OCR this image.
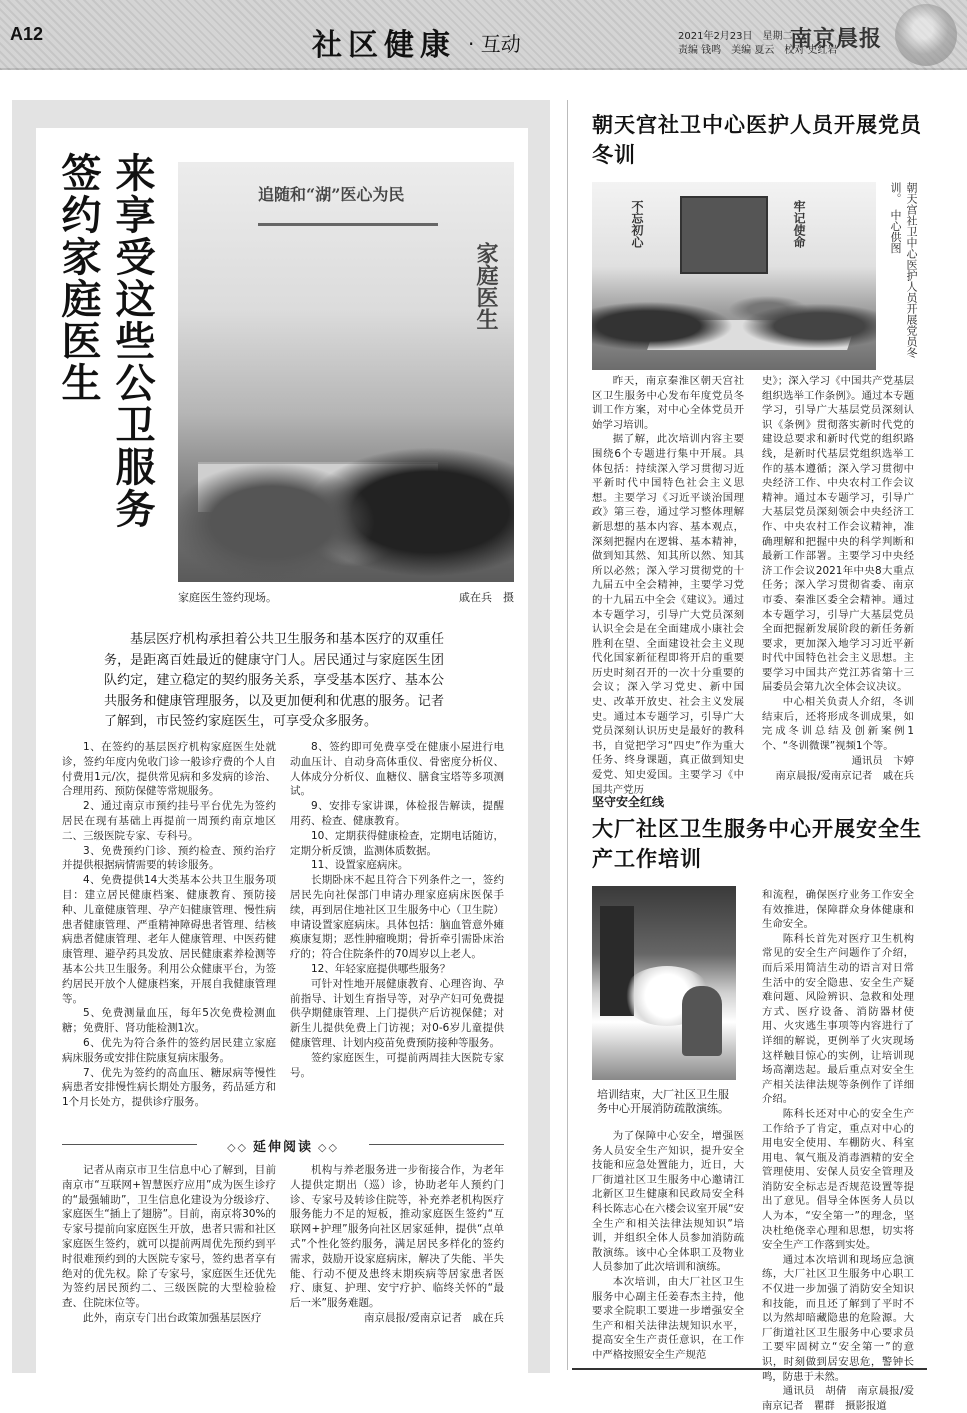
A12	社区健康 · 互动	2021年2月23日　星期二
责编 钱鸣　美编 夏云　校对 史红岩
南京晨报
来享受这些公卫服务
签约家庭医生	追随和“湖”医心为民
家庭医生
家庭医生签约现场。	戚在兵　摄
基层医疗机构承担着公共卫生服务和基本医疗的双重任务，是距离百姓最近的健康守门人。居民通过与家庭医生团队约定，建立稳定的契约服务关系，享受基本医疗、基本公共服务和健康管理服务，以及更加便利和优惠的服务。记者了解到，市民签约家庭医生，可享受众多服务。

1、在签约的基层医疗机构家庭医生处就诊，签约年度内免收门诊一般诊疗费的个人自付费用1元/次，提供常见病和多发病的诊治、合理用药、预防保健等常规服务。

2、通过南京市预约挂号平台优先为签约居民在现有基础上再提前一周预约南京地区二、三级医院专家、专科号。

3、免费预约门诊、预约检查、预约治疗并提供根据病情需要的转诊服务。

4、免费提供14大类基本公共卫生服务项目：建立居民健康档案、健康教育、预防接种、儿童健康管理、孕产妇健康管理、慢性病患者健康管理、严重精神障碍患者管理、结核病患者健康管理、老年人健康管理、中医药健康管理、避孕药具发放、居民健康素养检测等基本公共卫生服务。利用公众健康平台，为签约居民开放个人健康档案，开展自我健康管理等。

5、免费测量血压，每年5次免费检测血糖；免费肝、肾功能检测1次。

6、优先为符合条件的签约居民建立家庭病床服务或安排住院康复病床服务。

7、优先为签约的高血压、糖尿病等慢性病患者安排慢性病长期处方服务，药品延方和1个月长处方，提供诊疗服务。

8、签约即可免费享受在健康小屋进行电动血压计、自动身高体重仪、骨密度分析仪、人体成分分析仪、血糖仪、膳食宝塔等多项测试。

9、安排专家讲课，体检报告解读，提醒用药、检查、健康教育。

10、定期获得健康检查，定期电话随访，定期分析反馈，监测体质数据。

11、设置家庭病床。

长期卧床不起且符合下列条件之一，签约居民先向社保部门申请办理家庭病床医保手续，再到居住地社区卫生服务中心（卫生院）申请设置家庭病床。具体包括：脑血管意外瘫痪康复期；恶性肿瘤晚期；骨折牵引需卧床治疗的；符合住院条件的70周岁以上老人。

12、年轻家庭提供哪些服务？

可针对性地开展健康教育、心理咨询、孕前指导、计划生育指导等，对孕产妇可免费提供孕期健康管理、上门提供产后访视保健；对新生儿提供免费上门访视；对0-6岁儿童提供健康管理、计划内疫苗免费预防接种等服务。

签约家庭医生，可提前两周挂大医院专家号。

◇◇ 延伸阅读 ◇◇

记者从南京市卫生信息中心了解到，目前南京市“互联网+智慧医疗应用”成为医生诊疗的“最强辅助”，卫生信息化建设为分级诊疗、家庭医生“插上了翅膀”。目前，南京将30%的专家号提前向家庭医生开放，患者只需和社区家庭医生签约，就可以提前两周优先预约到平时很难预约到的大医院专家号，签约患者享有绝对的优先权。除了专家号，家庭医生还优先为签约居民预约二、三级医院的大型检验检查、住院床位等。

此外，南京专门出台政策加强基层医疗

机构与养老服务进一步衔接合作，为老年人提供定期出（巡）诊，协助老年人预约门诊、专家号及转诊住院等，补充养老机构医疗服务能力不足的短板，推动家庭医生签约“互联网+护理”服务向社区居家延伸，提供“点单式”个性化签约服务，满足居民多样化的签约需求，鼓励开设家庭病床，解决了失能、半失能、行动不便及患终末期疾病等居家患者医疗、康复、护理、安宁疗护、临终关怀的“最后一米”服务难题。

南京晨报/爱南京记者　戚在兵

朝天宫社卫中心医护人员开展党员冬训
不忘初心	牢记使命	朝天宫社卫中心医护人员开展党员冬训。　中心供图

昨天，南京秦淮区朝天宫社区卫生服务中心发布年度党员冬训工作方案，对中心全体党员开始学习培训。

据了解，此次培训内容主要围绕6个专题进行集中开展。具体包括：持续深入学习贯彻习近平新时代中国特色社会主义思想。主要学习《习近平谈治国理政》第三卷，通过学习整体理解新思想的基本内容、基本观点，深刻把握内在逻辑、基本精神，做到知其然、知其所以然、知其所以必然；深入学习贯彻党的十九届五中全会精神，主要学习党的十九届五中全会《建议》。通过本专题学习，引导广大党员深刻认识全会是在全面建成小康社会胜利在望、全面建设社会主义现代化国家新征程即将开启的重要历史时刻召开的一次十分重要的会议；深入学习党史、新中国史、改革开放史、社会主义发展史。通过本专题学习，引导广大党员深刻认识历史是最好的教科书，自觉把学习“四史”作为重大任务、终身课题，真正做到知史爱党、知史爱国。主要学习《中国共产党历

史》；深入学习《中国共产党基层组织选举工作条例》。通过本专题学习，引导广大基层党员深刻认识《条例》贯彻落实新时代党的建设总要求和新时代党的组织路线，是新时代基层党组织选举工作的基本遵循；深入学习贯彻中央经济工作、中央农村工作会议精神。通过本专题学习，引导广大基层党员深刻领会中央经济工作、中央农村工作会议精神，准确理解和把握中央的科学判断和最新工作部署。主要学习中央经济工作会议2021年中央8大重点任务；深入学习贯彻省委、南京市委、秦淮区委全会精神。通过本专题学习，引导广大基层党员全面把握新发展阶段的新任务新要求，更加深入地学习习近平新时代中国特色社会主义思想。主要学习中国共产党江苏省第十三届委员会第九次全体会议决议。

中心相关负责人介绍，冬训结束后，还将形成冬训成果，如完成冬训总结及创新案例1个、“冬训微课”视频1个等。

通讯员　卞婷
南京晨报/爱南京记者　戚在兵
坚守安全红线
大厂社区卫生服务中心开展安全生产工作培训
培训结束，大厂社区卫生服务中心开展消防疏散演练。

和流程，确保医疗业务工作安全有效推进，保障群众身体健康和生命安全。

陈科长首先对医疗卫生机构常见的安全生产问题作了介绍，而后采用简洁生动的语言对日常生活中的安全隐患、安全生产疑难问题、风险辨识、急救和处理方式、医疗设备、消防器材使用、火灾逃生事项等内容进行了详细的解说，更例举了火灾现场这样触目惊心的实例，让培训现场高潮迭起。最后重点对安全生产相关法律法规等条例作了详细介绍。

陈科长还对中心的安全生产工作给予了肯定，重点对中心的用电安全使用、车棚防火、科室用电、氧气瓶及消毒酒精的安全管理使用、安保人员安全管理及消防安全标志是否规范设置等提出了意见。倡导全体医务人员以人为本，“安全第一”的理念，坚决杜绝侥幸心理和思想，切实将安全生产工作落到实处。

通过本次培训和现场应急演练，大厂社区卫生服务中心职工不仅进一步加强了消防安全知识和技能，而且还了解到了平时不以为然却暗藏隐患的危险源。大厂街道社区卫生服务中心要求员工要牢固树立“安全第一”的意识，时刻做到居安思危，警钟长鸣，防患于未然。

通讯员　胡倩　南京晨报/爱南京记者　瞿群　摄影报道

为了保障中心安全，增强医务人员安全生产知识，提升安全技能和应急处置能力，近日，大厂街道社区卫生服务中心邀请江北新区卫生健康和民政局安全科科长陈志心在六楼会议室开展“安全生产和相关法律法规知识”培训，并组织全体人员参加消防疏散演练。该中心全体职工及物业人员参加了此次培训和演练。

本次培训，由大厂社区卫生服务中心副主任姜春杰主持，他要求全院职工要进一步增强安全生产和相关法律法规知识水平，提高安全生产责任意识，在工作中严格按照安全生产规范
